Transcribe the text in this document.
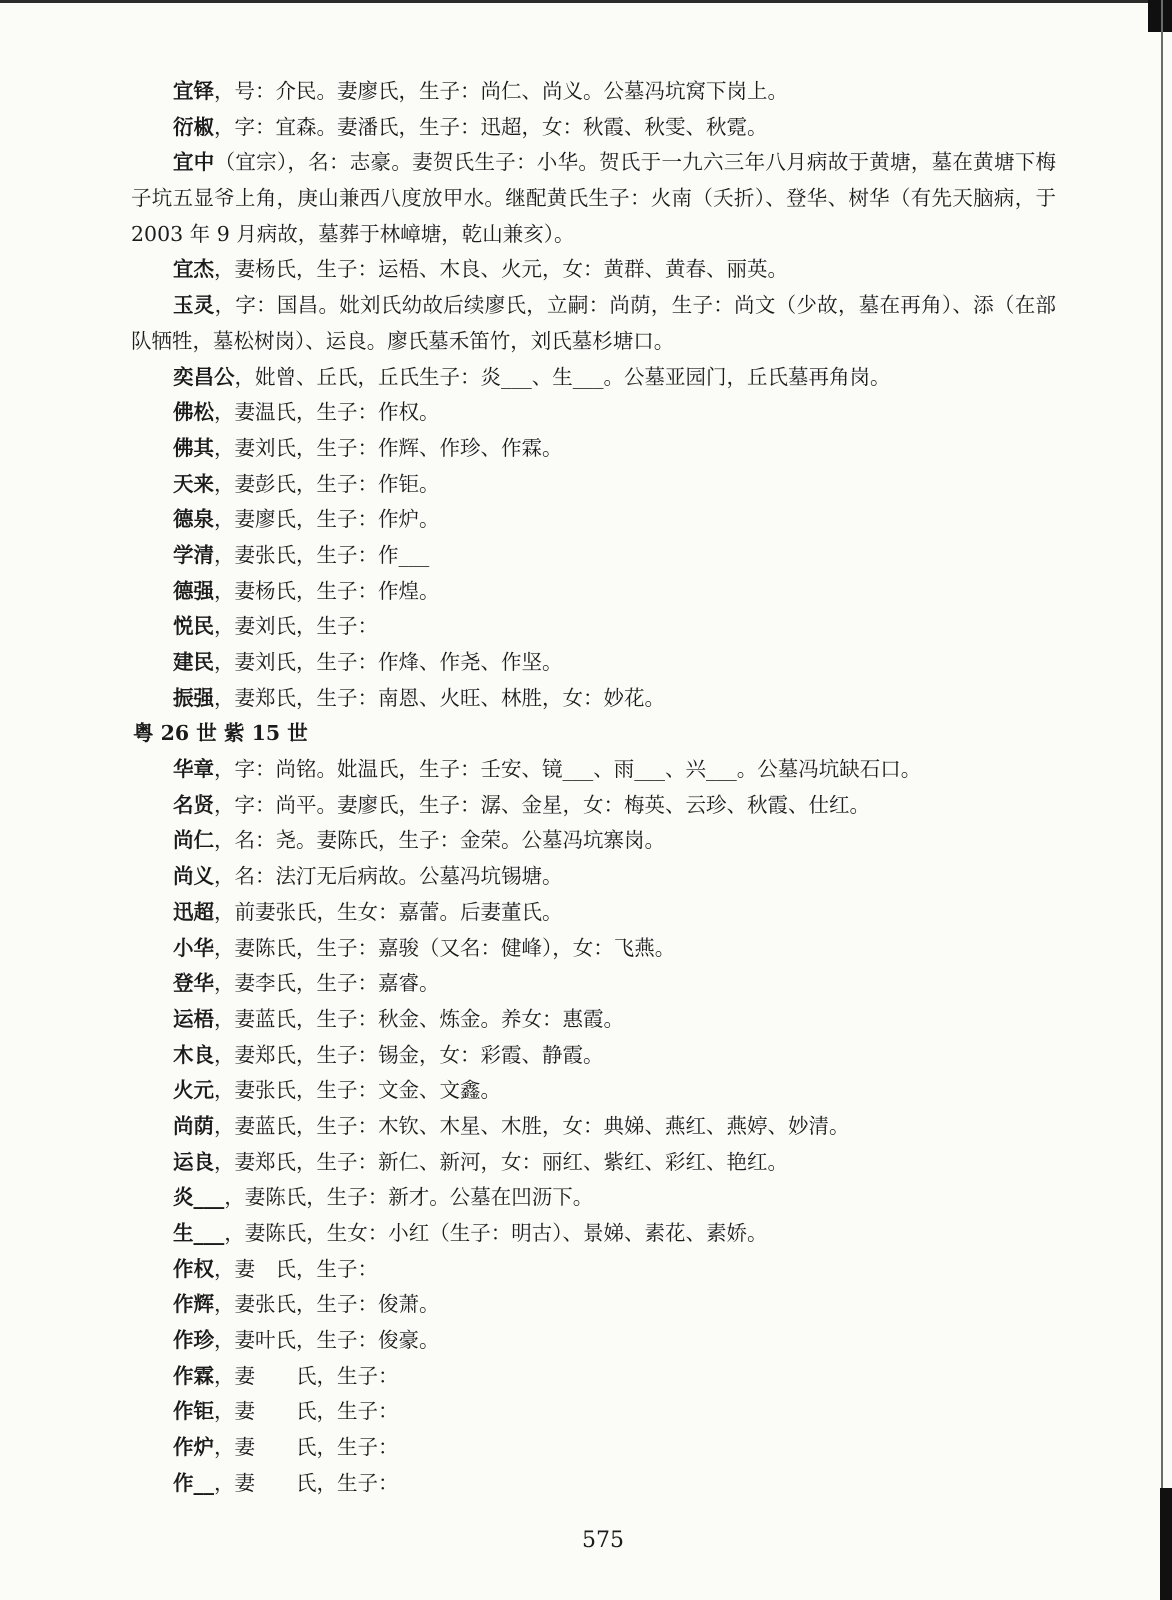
宜铎，号：介民。妻廖氏，生子：尚仁、尚义。公墓冯坑窝下岗上。
衍椒，字：宜森。妻潘氏，生子：迅超，女：秋霞、秋雯、秋霓。
宜中（宜宗），名：志豪。妻贺氏生子：小华。贺氏于一九六三年八月病故于黄塘，墓在黄塘下梅
子坑五显爷上角，庚山兼西八度放甲水。继配黄氏生子：火南（夭折）、登华、树华（有先天脑病，于
2003 年 9 月病故，墓葬于林嶂塘，乾山兼亥）。
宜杰，妻杨氏，生子：运梧、木良、火元，女：黄群、黄春、丽英。
玉灵，字：国昌。妣刘氏幼故后续廖氏，立嗣：尚荫，生子：尚文（少故，墓在再角）、添（在部
队牺牲，墓松树岗）、运良。廖氏墓禾笛竹，刘氏墓杉塘口。
奕昌公，妣曾、丘氏，丘氏生子：炎___、生___。公墓亚园门，丘氏墓再角岗。
佛松，妻温氏，生子：作权。
佛其，妻刘氏，生子：作辉、作珍、作霖。
天来，妻彭氏，生子：作钜。
德泉，妻廖氏，生子：作炉。
学清，妻张氏，生子：作___
德强，妻杨氏，生子：作煌。
悦民，妻刘氏，生子：
建民，妻刘氏，生子：作烽、作尧、作坚。
振强，妻郑氏，生子：南恩、火旺、林胜，女：妙花。
粤 26 世 紫 15 世
华章，字：尚铭。妣温氏，生子：壬安、镜___、雨___、兴___。公墓冯坑缺石口。
名贤，字：尚平。妻廖氏，生子：潺、金星，女：梅英、云珍、秋霞、仕红。
尚仁，名：尧。妻陈氏，生子：金荣。公墓冯坑寨岗。
尚义，名：法汀无后病故。公墓冯坑锡塘。
迅超，前妻张氏，生女：嘉蕾。后妻董氏。
小华，妻陈氏，生子：嘉骏（又名：健峰），女：飞燕。
登华，妻李氏，生子：嘉睿。
运梧，妻蓝氏，生子：秋金、炼金。养女：惠霞。
木良，妻郑氏，生子：锡金，女：彩霞、静霞。
火元，妻张氏，生子：文金、文鑫。
尚荫，妻蓝氏，生子：木钦、木星、木胜，女：典娣、燕红、燕婷、妙清。
运良，妻郑氏，生子：新仁、新河，女：丽红、紫红、彩红、艳红。
炎___，妻陈氏，生子：新才。公墓在凹沥下。
生___，妻陈氏，生女：小红（生子：明古）、景娣、素花、素娇。
作权，妻　氏，生子：
作辉，妻张氏，生子：俊萧。
作珍，妻叶氏，生子：俊豪。
作霖，妻　　氏，生子：
作钜，妻　　氏，生子：
作炉，妻　　氏，生子：
作__，妻　　氏，生子：
575
